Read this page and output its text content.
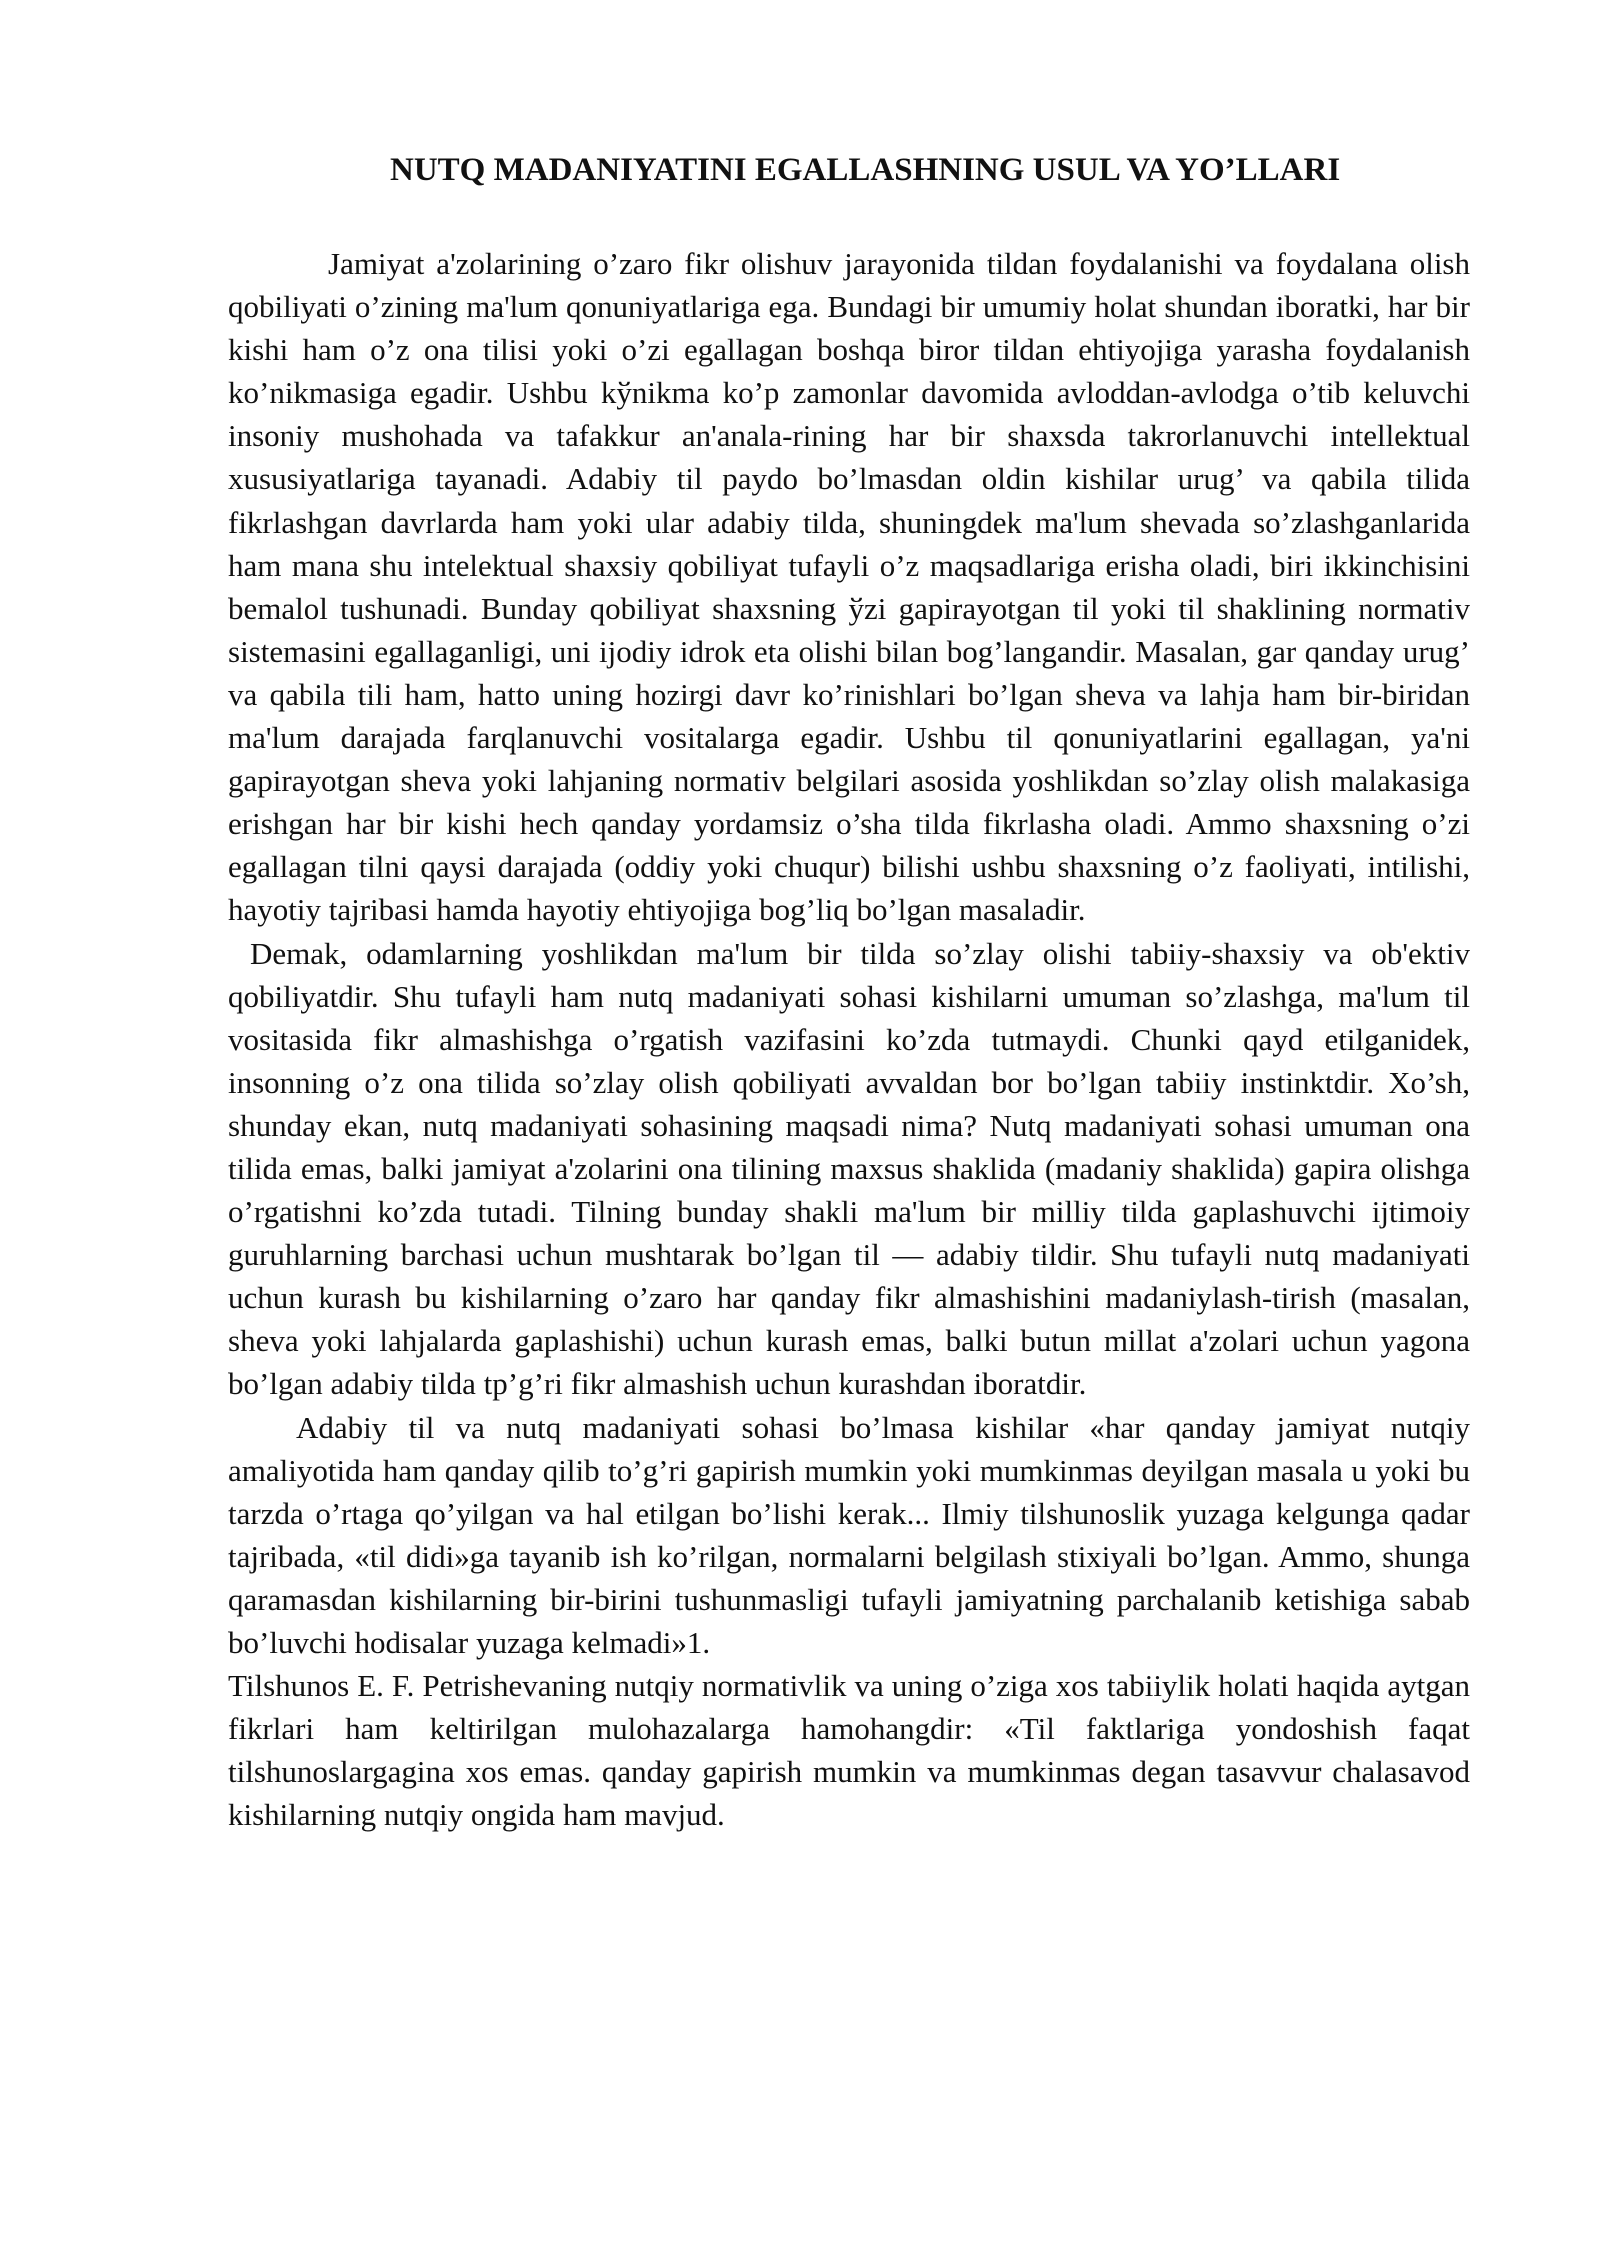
NUTQ MADANIYATINI EGALLASHNING USUL VA YO’LLARI

Jamiyat a'zolarining o’zaro fikr olishuv jarayonida tildan foydalanishi va foydalana olish qobiliyati o’zining ma'lum qonuniyatlariga ega. Bundagi bir umumiy holat shundan iboratki, har bir kishi ham o’z ona tilisi yoki o’zi egallagan boshqa biror tildan ehtiyojiga yarasha foydalanish ko’nikmasiga egadir. Ushbu kўnikma ko’p zamonlar davomida avloddan-avlodga o’tib keluvchi insoniy mushohada va tafakkur an'anala-rining har bir shaxsda takrorlanuvchi intellektual xususiyatlariga tayanadi. Adabiy til paydo bo’lmasdan oldin kishilar urug’ va qabila tilida fikrlashgan davrlarda ham yoki ular adabiy tilda, shuningdek ma'lum shevada so’zlashganlarida ham mana shu intelektual shaxsiy qobiliyat tufayli o’z maqsadlariga erisha oladi, biri ikkinchisini bemalol tushunadi. Bunday qobiliyat shaxsning ўzi gapirayotgan til yoki til shaklining normativ sistemasini egallaganligi, uni ijodiy idrok eta olishi bilan bog’langandir. Masalan, gar qanday urug’ va qabila tili ham, hatto uning hozirgi davr ko’rinishlari bo’lgan sheva va lahja ham bir-biridan ma'lum darajada farqlanuvchi vositalarga egadir. Ushbu til qonuniyatlarini egallagan, ya'ni gapirayotgan sheva yoki lahjaning normativ belgilari asosida yoshlikdan so’zlay olish malakasiga erishgan har bir kishi hech qanday yordamsiz o’sha tilda fikrlasha oladi. Ammo shaxsning o’zi egallagan tilni qaysi darajada (oddiy yoki chuqur) bilishi ushbu shaxsning o’z faoliyati, intilishi, hayotiy tajribasi hamda hayotiy ehtiyojiga bog’liq bo’lgan masaladir.

Demak, odamlarning yoshlikdan ma'lum bir tilda so’zlay olishi tabiiy-shaxsiy va ob'ektiv qobiliyatdir. Shu tufayli ham nutq madaniyati sohasi kishilarni umuman so’zlashga, ma'lum til vositasida fikr almashishga o’rgatish vazifasini ko’zda tutmaydi. Chunki qayd etilganidek, insonning o’z ona tilida so’zlay olish qobiliyati avvaldan bor bo’lgan tabiiy instinktdir. Xo’sh, shunday ekan, nutq madaniyati sohasining maqsadi nima? Nutq madaniyati sohasi umuman ona tilida emas, balki jamiyat a'zolarini ona tilining maxsus shaklida (madaniy shaklida) gapira olishga o’rgatishni ko’zda tutadi. Tilning bunday shakli ma'lum bir milliy tilda gaplashuvchi ijtimoiy guruhlarning barchasi uchun mushtarak bo’lgan til — adabiy tildir. Shu tufayli nutq madaniyati uchun kurash bu kishilarning o’zaro har qanday fikr almashishini madaniylash-tirish (masalan, sheva yoki lahjalarda gaplashishi) uchun kurash emas, balki butun millat a'zolari uchun yagona bo’lgan adabiy tilda tp’g’ri fikr almashish uchun kurashdan iboratdir.

Adabiy til va nutq madaniyati sohasi bo’lmasa kishilar «har qanday jamiyat nutqiy amaliyotida ham qanday qilib to’g’ri gapirish mumkin yoki mumkinmas deyilgan masala u yoki bu tarzda o’rtaga qo’yilgan va hal etilgan bo’lishi kerak... Ilmiy tilshunoslik yuzaga kelgunga qadar tajribada, «til didi»ga tayanib ish ko’rilgan, normalarni belgilash stixiyali bo’lgan. Ammo, shunga qaramasdan kishilarning bir-birini tushunmasligi tufayli jamiyatning parchalanib ketishiga sabab bo’luvchi hodisalar yuzaga kelmadi»1.

Tilshunos E. F. Petrishevaning nutqiy normativlik va uning o’ziga xos tabiiylik holati haqida aytgan fikrlari ham keltirilgan mulohazalarga hamohangdir: «Til faktlariga yondoshish faqat tilshunoslargagina xos emas. qanday gapirish mumkin va mumkinmas degan tasavvur chalasavod kishilarning nutqiy ongida ham mavjud.
